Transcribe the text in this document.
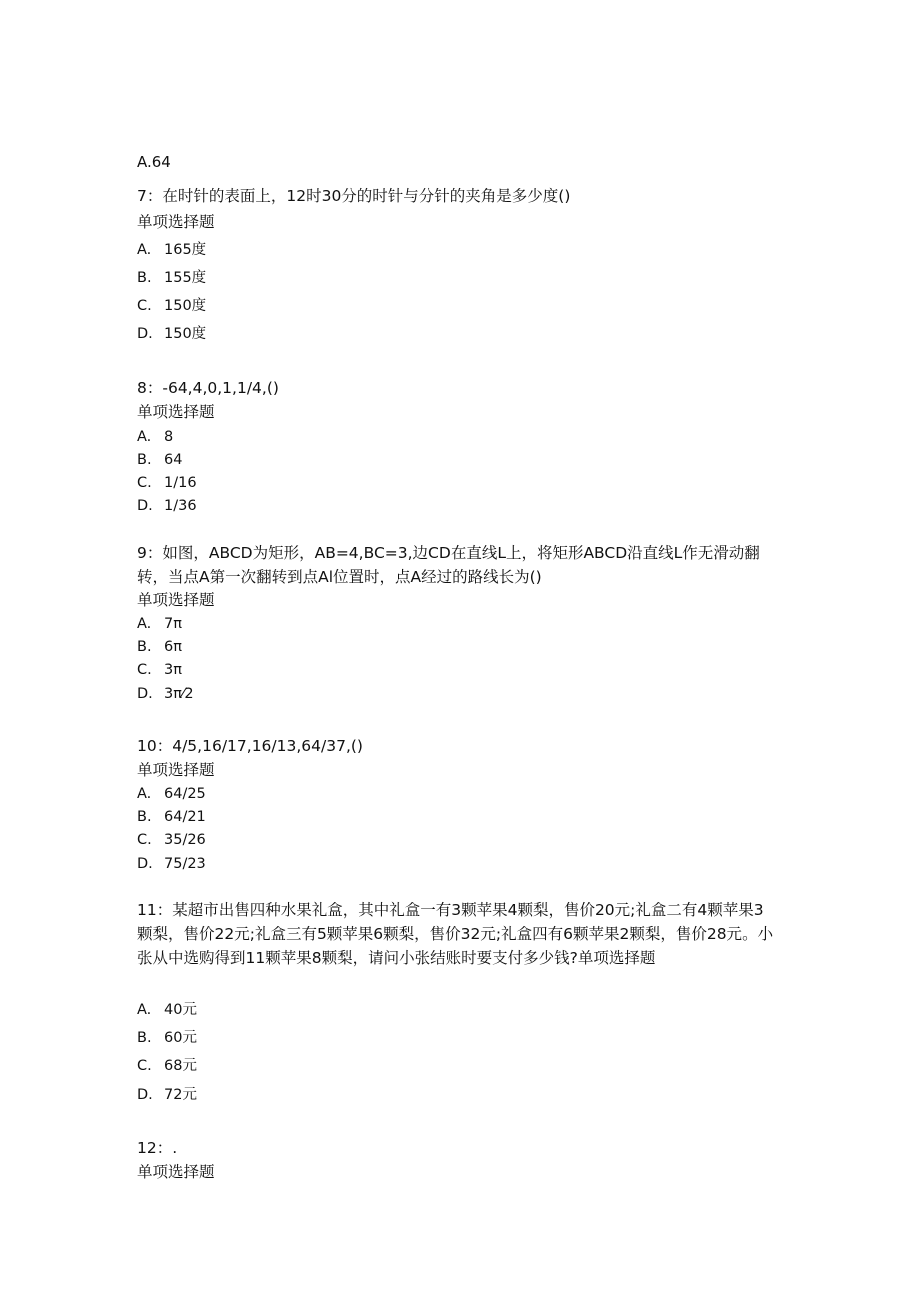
A.64
7：在时针的表面上，12时30分的时针与分针的夹角是多少度()
单项选择题
A. 165度
B. 155度
C. 150度
D. 150度
8：-64,4,0,1,1/4,()
单项选择题
A. 8
B. 64
C. 1/16
D. 1/36
9：如图，ABCD为矩形，AB=4,BC=3,边CD在直线L上，将矩形ABCD沿直线L作无滑动翻转，当点A第一次翻转到点Al位置时，点A经过的路线长为()
单项选择题
A. 7π
B. 6π
C. 3π
D. 3π⁄2
10：4/5,16/17,16/13,64/37,()
单项选择题
A. 64/25
B. 64/21
C. 35/26
D. 75/23
11：某超市出售四种水果礼盒，其中礼盒一有3颗苹果4颗梨，售价20元;礼盒二有4颗苹果3颗梨，售价22元;礼盒三有5颗苹果6颗梨，售价32元;礼盒四有6颗苹果2颗梨，售价28元。小张从中选购得到11颗苹果8颗梨，请问小张结账时要支付多少钱?单项选择题
A. 40元
B. 60元
C. 68元
D. 72元
12：.
单项选择题
